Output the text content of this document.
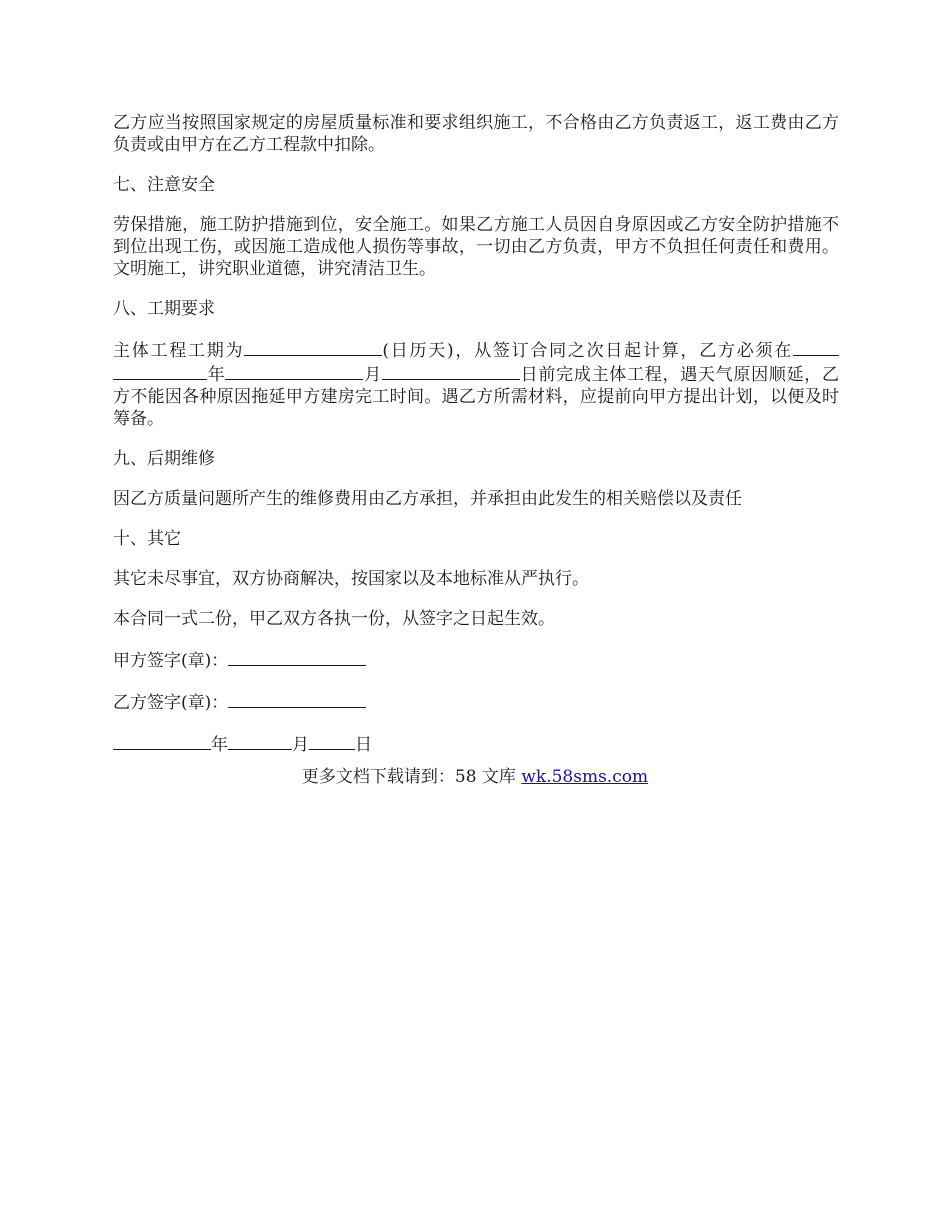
乙方应当按照国家规定的房屋质量标准和要求组织施工，不合格由乙方负责返工，返工费由乙方负责或由甲方在乙方工程款中扣除。

七、注意安全

劳保措施，施工防护措施到位，安全施工。如果乙方施工人员因自身原因或乙方安全防护措施不到位出现工伤，或因施工造成他人损伤等事故，一切由乙方负责，甲方不负担任何责任和费用。文明施工，讲究职业道德，讲究清洁卫生。

八、工期要求

主体工程工期为	(日历天)，从签订合同之次日起计算，乙方必须在年	月	日前完成主体工程，遇天气原因顺延，乙方不能因各种原因拖延甲方建房完工时间。遇乙方所需材料，应提前向甲方提出计划，以便及时筹备。

九、后期维修

因乙方质量问题所产生的维修费用由乙方承担，并承担由此发生的相关赔偿以及责任

十、其它

其它未尽事宜，双方协商解决，按国家以及本地标准从严执行。

本合同一式二份，甲乙双方各执一份，从签字之日起生效。

甲方签字(章)：

乙方签字(章)：

年	月	日

更多文档下载请到：58 文库 wk.58sms.com
